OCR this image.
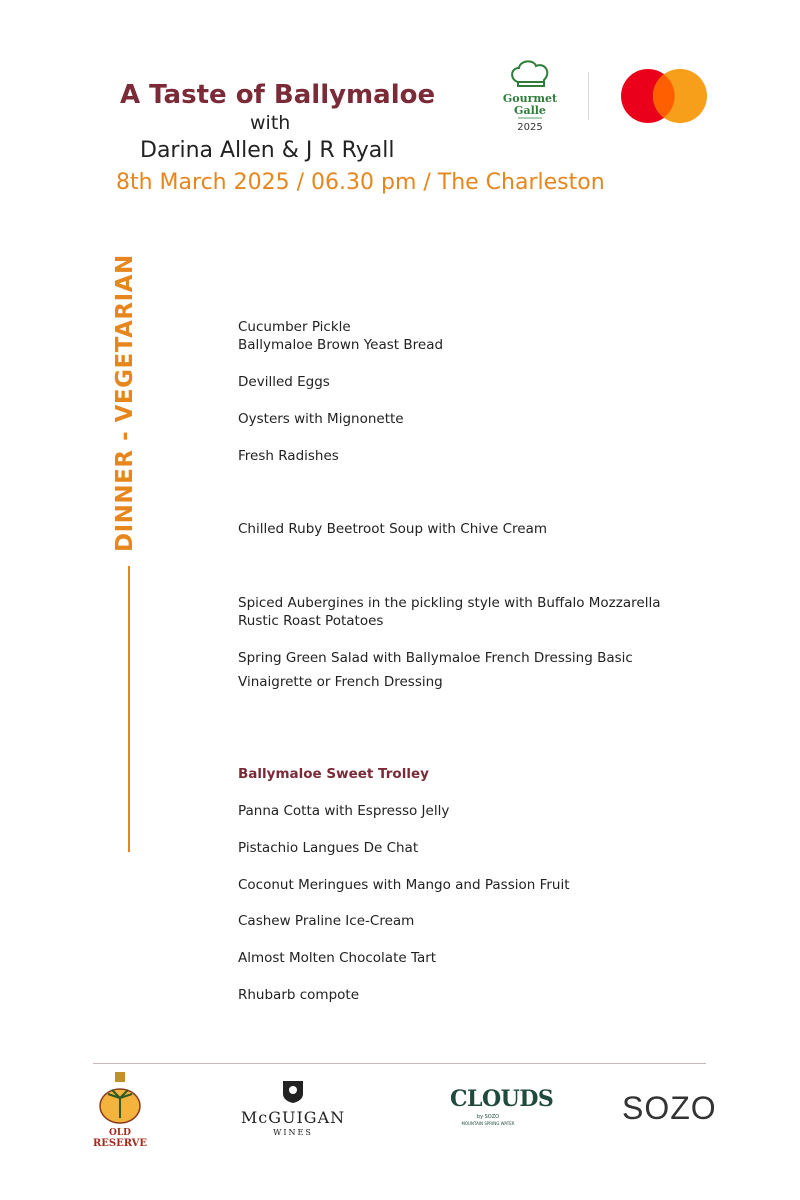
A Taste of Ballymaloe
with
Darina Allen & J R Ryall
8th March 2025 / 06.30 pm / The Charleston
Gourmet
Galle
2025
DINNER - VEGETARIAN	Cucumber Pickle
Ballymaloe Brown Yeast Bread
Devilled Eggs
Oysters with Mignonette
Fresh Radishes
Chilled Ruby Beetroot Soup with Chive Cream
Spiced Aubergines in the pickling style with Buffalo Mozzarella
Rustic Roast Potatoes
Spring Green Salad with Ballymaloe French Dressing Basic
Vinaigrette or French Dressing
Ballymaloe Sweet Trolley
Panna Cotta with Espresso Jelly
Pistachio Langues De Chat
Coconut Meringues with Mango and Passion Fruit
Cashew Praline Ice-Cream
Almost Molten Chocolate Tart
Rhubarb compote
OLD
RESERVE
McGUIGAN
WINES
CLOUDS
by SOZO
MOUNTAIN SPRING WATER	SOZO
